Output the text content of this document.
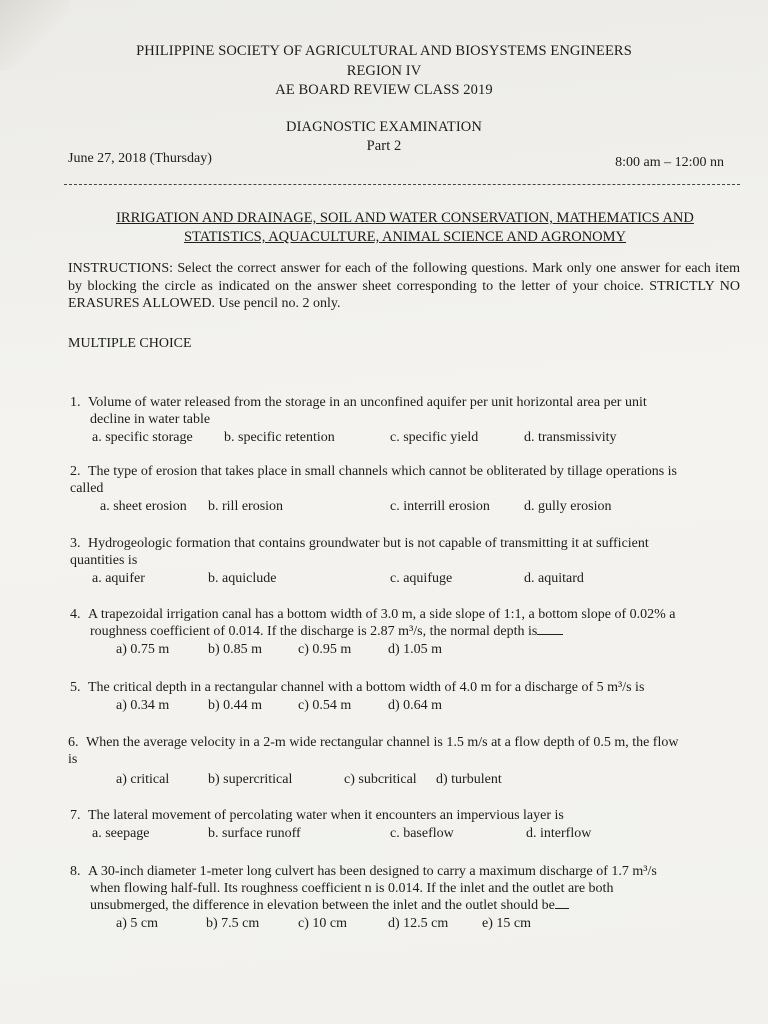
PHILIPPINE SOCIETY OF AGRICULTURAL AND BIOSYSTEMS ENGINEERS
REGION IV
AE BOARD REVIEW CLASS 2019
DIAGNOSTIC EXAMINATION
Part 2
June 27, 2018 (Thursday)	8:00 am – 12:00 nn
IRRIGATION AND DRAINAGE, SOIL AND WATER CONSERVATION, MATHEMATICS AND
STATISTICS, AQUACULTURE, ANIMAL SCIENCE AND AGRONOMY
INSTRUCTIONS: Select the correct answer for each of the following questions. Mark only one answer for each item by blocking the circle as indicated on the answer sheet corresponding to the letter of your choice. STRICTLY NO ERASURES ALLOWED. Use pencil no. 2 only.
MULTIPLE CHOICE
1. Volume of water released from the storage in an unconfined aquifer per unit horizontal area per unit
decline in water table
a. specific storage b. specific retention	c. specific yield	d. transmissivity
2. The type of erosion that takes place in small channels which cannot be obliterated by tillage operations is
called
a. sheet erosion b. rill erosion	c. interrill erosion d. gully erosion
3. Hydrogeologic formation that contains groundwater but is not capable of transmitting it at sufficient
quantities is
a. aquifer	b. aquiclude	c. aquifuge	d. aquitard
4. A trapezoidal irrigation canal has a bottom width of 3.0 m, a side slope of 1:1, a bottom slope of 0.02% a
roughness coefficient of 0.014. If the discharge is 2.87 m³/s, the normal depth is
a) 0.75 m	b) 0.85 m	c) 0.95 m	d) 1.05 m
5. The critical depth in a rectangular channel with a bottom width of 4.0 m for a discharge of 5 m³/s is
a) 0.34 m	b) 0.44 m	c) 0.54 m	d) 0.64 m
6. When the average velocity in a 2-m wide rectangular channel is 1.5 m/s at a flow depth of 0.5 m, the flow
is
a) critical	b) supercritical	c) subcritical d) turbulent
7. The lateral movement of percolating water when it encounters an impervious layer is
a. seepage	b. surface runoff	c. baseflow	d. interflow
8. A 30-inch diameter 1-meter long culvert has been designed to carry a maximum discharge of 1.7 m³/s
when flowing half-full. Its roughness coefficient n is 0.014. If the inlet and the outlet are both
unsubmerged, the difference in elevation between the inlet and the outlet should be
a) 5 cm	b) 7.5 cm	c) 10 cm	d) 12.5 cm e) 15 cm
